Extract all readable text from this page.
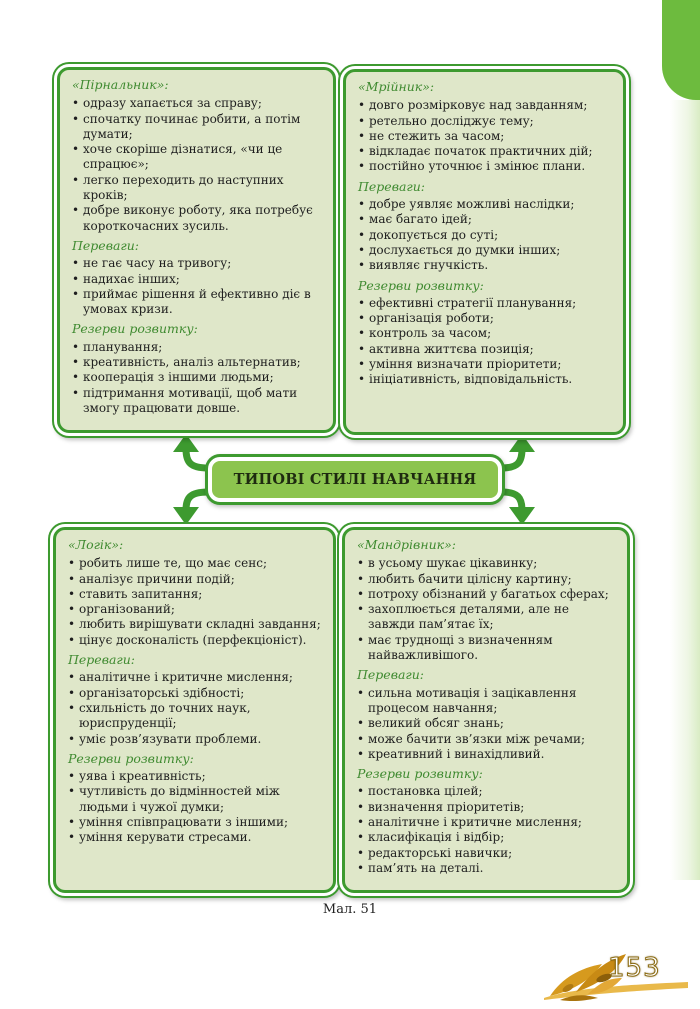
«Пірнальник»:
• одразу хапається за справу;
• спочатку починає робити, а потім думати;
• хоче скоріше дізнатися, «чи це спрацює»;
• легко переходить до наступних кроків;
• добре виконує роботу, яка потребує короткочасних зусиль.
Переваги:
• не гає часу на тривогу;
• надихає інших;
• приймає рішення й ефективно діє в умовах кризи.
Резерви розвитку:
• планування;
• креативність, аналіз альтернатив;
• кооперація з іншими людьми;
• підтримання мотивації, щоб мати змогу працювати довше.
«Мрійник»:
• довго розмірковує над завданням;
• ретельно досліджує тему;
• не стежить за часом;
• відкладає початок практичних дій;
• постійно уточнює і змінює плани.
Переваги:
• добре уявляє можливі наслідки;
• має багато ідей;
• докопується до суті;
• дослухається до думки інших;
• виявляє гнучкість.
Резерви розвитку:
• ефективні стратегії планування;
• організація роботи;
• контроль за часом;
• активна життєва позиція;
• уміння визначати пріоритети;
• ініціативність, відповідальність.
ТИПОВІ СТИЛІ НАВЧАННЯ
«Логік»:
• робить лише те, що має сенс;
• аналізує причини подій;
• ставить запитання;
• організований;
• любить вирішувати складні завдання;
• цінує досконалість (перфекціоніст).
Переваги:
• аналітичне і критичне мислення;
• організаторські здібності;
• схильність до точних наук, юриспруденції;
• уміє розв’язувати проблеми.
Резерви розвитку:
• уява і креативність;
• чутливість до відмінностей між людьми і чужої думки;
• уміння співпрацювати з іншими;
• уміння керувати стресами.
«Мандрівник»:
• в усьому шукає цікавинку;
• любить бачити цілісну картину;
• потроху обізнаний у багатьох сферах;
• захоплюється деталями, але не завжди пам’ятає їх;
• має труднощі з визначенням найважливішого.
Переваги:
• сильна мотивація і зацікавлення процесом навчання;
• великий обсяг знань;
• може бачити зв’язки між речами;
• креативний і винахідливий.
Резерви розвитку:
• постановка цілей;
• визначення пріоритетів;
• аналітичне і критичне мислення;
• класифікація і відбір;
• редакторські навички;
• пам’ять на деталі.
Мал. 51
153
